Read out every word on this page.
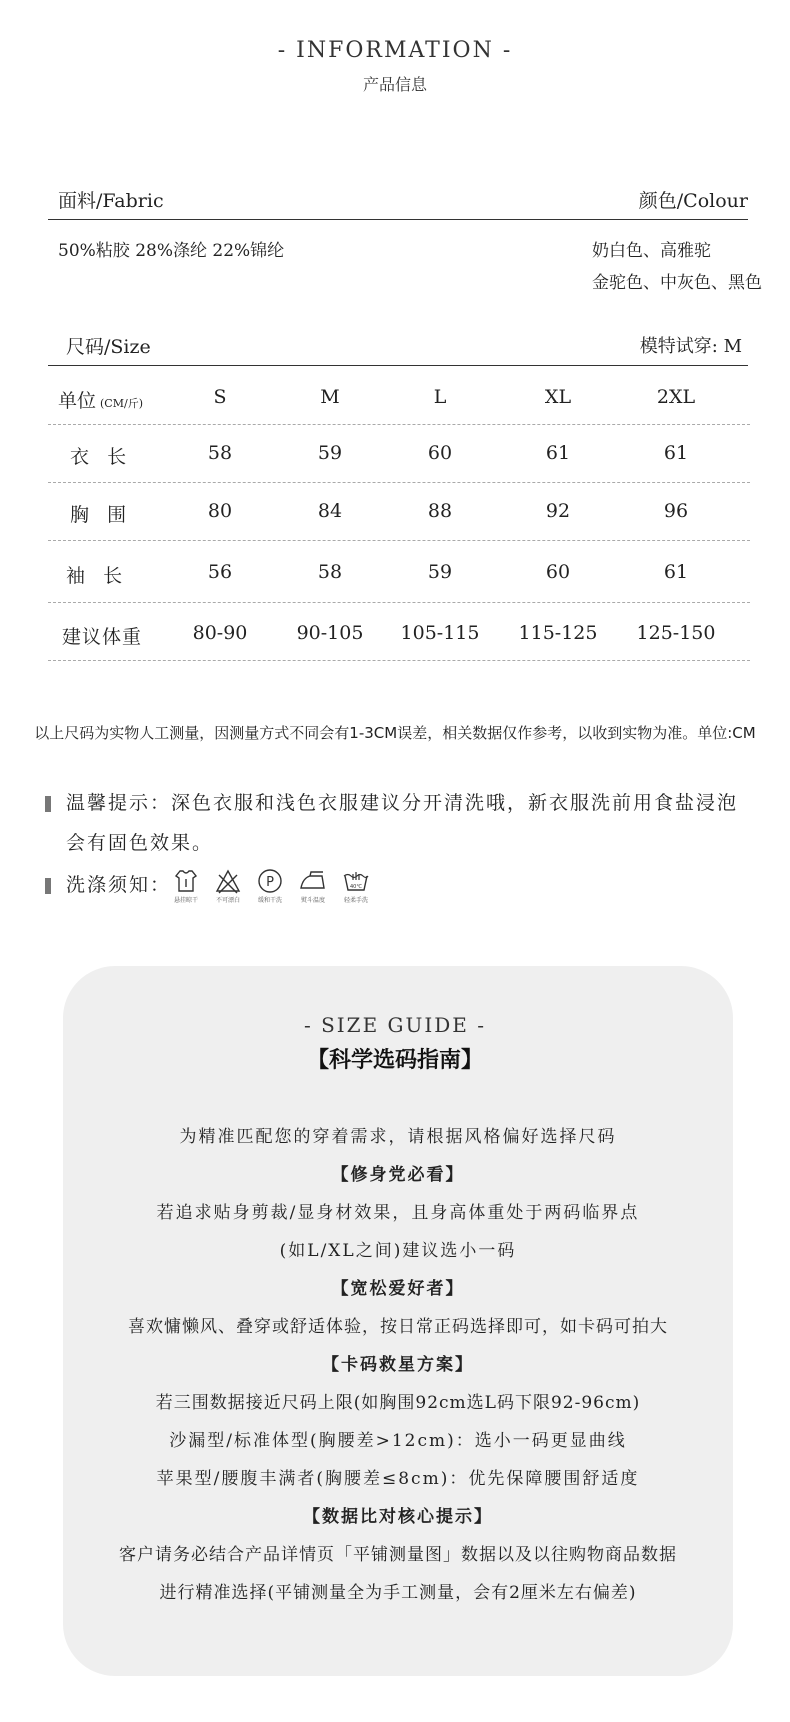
- INFORMATION -
产品信息
面料/Fabric	颜色/Colour
50%粘胶 28%涤纶 22%锦纶	奶白色、高雅驼
金驼色、中灰色、黑色
尺码/Size	模特试穿: M
单位 (CM/斤)	S	M	L	XL	2XL
衣  长	58	59	60	61	61
胸  围	80	84	88	92	96
袖  长	56	58	59	60	61
建议体重	80-90	90-105	105-115	115-125	125-150
以上尺码为实物人工测量，因测量方式不同会有1-3CM误差，相关数据仅作参考，以收到实物为准。单位:CM
温馨提示：深色衣服和浅色衣服建议分开清洗哦，新衣服洗前用食盐浸泡
会有固色效果。
洗涤须知：
悬挂晾干	不可漂白
P
缓和干洗	熨斗温度
40℃
轻柔手洗
- SIZE GUIDE -
【科学选码指南】
为精准匹配您的穿着需求，请根据风格偏好选择尺码
【修身党必看】
若追求贴身剪裁/显身材效果，且身高体重处于两码临界点
(如L/XL之间)建议选小一码
【宽松爱好者】
喜欢慵懒风、叠穿或舒适体验，按日常正码选择即可，如卡码可拍大
【卡码救星方案】
若三围数据接近尺码上限(如胸围92cm选L码下限92-96cm)
沙漏型/标准体型(胸腰差>12cm)：选小一码更显曲线
苹果型/腰腹丰满者(胸腰差≤8cm)：优先保障腰围舒适度
【数据比对核心提示】
客户请务必结合产品详情页「平铺测量图」数据以及以往购物商品数据
进行精准选择(平铺测量全为手工测量，会有2厘米左右偏差)
